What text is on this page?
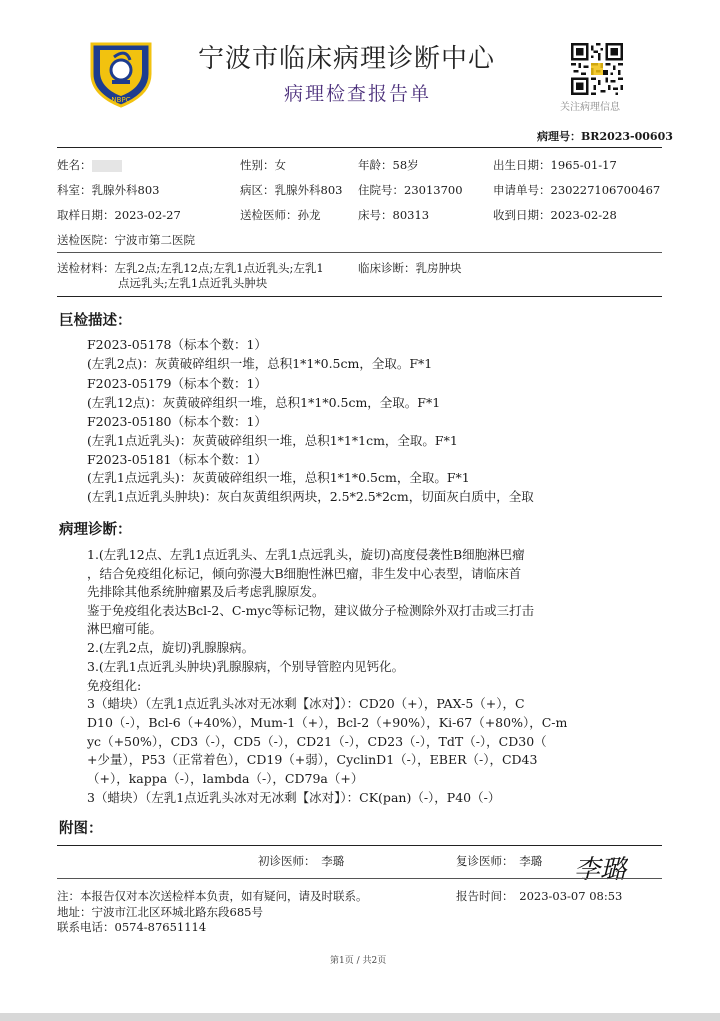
NBPC
宁波市临床病理诊断中心
病理检查报告单
关注病理信息
病理号：BR2023-00603
姓名：	性别：女	年龄：58岁	出生日期：1965-01-17
科室：乳腺外科803	病区：乳腺外科803 住院号：23013700	申请单号：230227106700467
取样日期：2023-02-27	送检医师：孙龙	床号：80313	收到日期：2023-02-28
送检医院：宁波市第二医院
送检材料：左乳2点;左乳12点;左乳1点近乳头;左乳1
点远乳头;左乳1点近乳头肿块
临床诊断：乳房肿块
巨检描述：
F2023-05178（标本个数：1）
(左乳2点)：灰黄破碎组织一堆，总积1*1*0.5cm，全取。F*1
F2023-05179（标本个数：1）
(左乳12点)：灰黄破碎组织一堆，总积1*1*0.5cm，全取。F*1
F2023-05180（标本个数：1）
(左乳1点近乳头)：灰黄破碎组织一堆，总积1*1*1cm，全取。F*1
F2023-05181（标本个数：1）
(左乳1点远乳头)：灰黄破碎组织一堆，总积1*1*0.5cm，全取。F*1
(左乳1点近乳头肿块)：灰白灰黄组织两块，2.5*2.5*2cm，切面灰白质中，全取
病理诊断：
1.(左乳12点、左乳1点近乳头、左乳1点远乳头，旋切)高度侵袭性B细胞淋巴瘤
，结合免疫组化标记，倾向弥漫大B细胞性淋巴瘤，非生发中心表型，请临床首
先排除其他系统肿瘤累及后考虑乳腺原发。
鉴于免疫组化表达Bcl-2、C-myc等标记物，建议做分子检测除外双打击或三打击
淋巴瘤可能。
2.(左乳2点，旋切)乳腺腺病。
3.(左乳1点近乳头肿块)乳腺腺病，个别导管腔内见钙化。
免疫组化:
3（蜡块）（左乳1点近乳头冰对无冰剩【冰对】）：CD20（+），PAX-5（+），C
D10（-），Bcl-6（+40%），Mum-1（+），Bcl-2（+90%），Ki-67（+80%），C-m
yc（+50%），CD3（-），CD5（-），CD21（-），CD23（-），TdT（-），CD30（
+少量），P53（正常着色），CD19（+弱），CyclinD1（-），EBER（-），CD43
（+），kappa（-），lambda（-），CD79a（+）
3（蜡块）（左乳1点近乳头冰对无冰剩【冰对】）：CK(pan)（-），P40（-）
附图：
初诊医师：　李璐	复诊医师：　李璐 李璐
注：本报告仅对本次送检样本负责，如有疑问，请及时联系。	报告时间：　2023-03-07 08:53
地址：宁波市江北区环城北路东段685号
联系电话：0574-87651114
第1页 / 共2页
